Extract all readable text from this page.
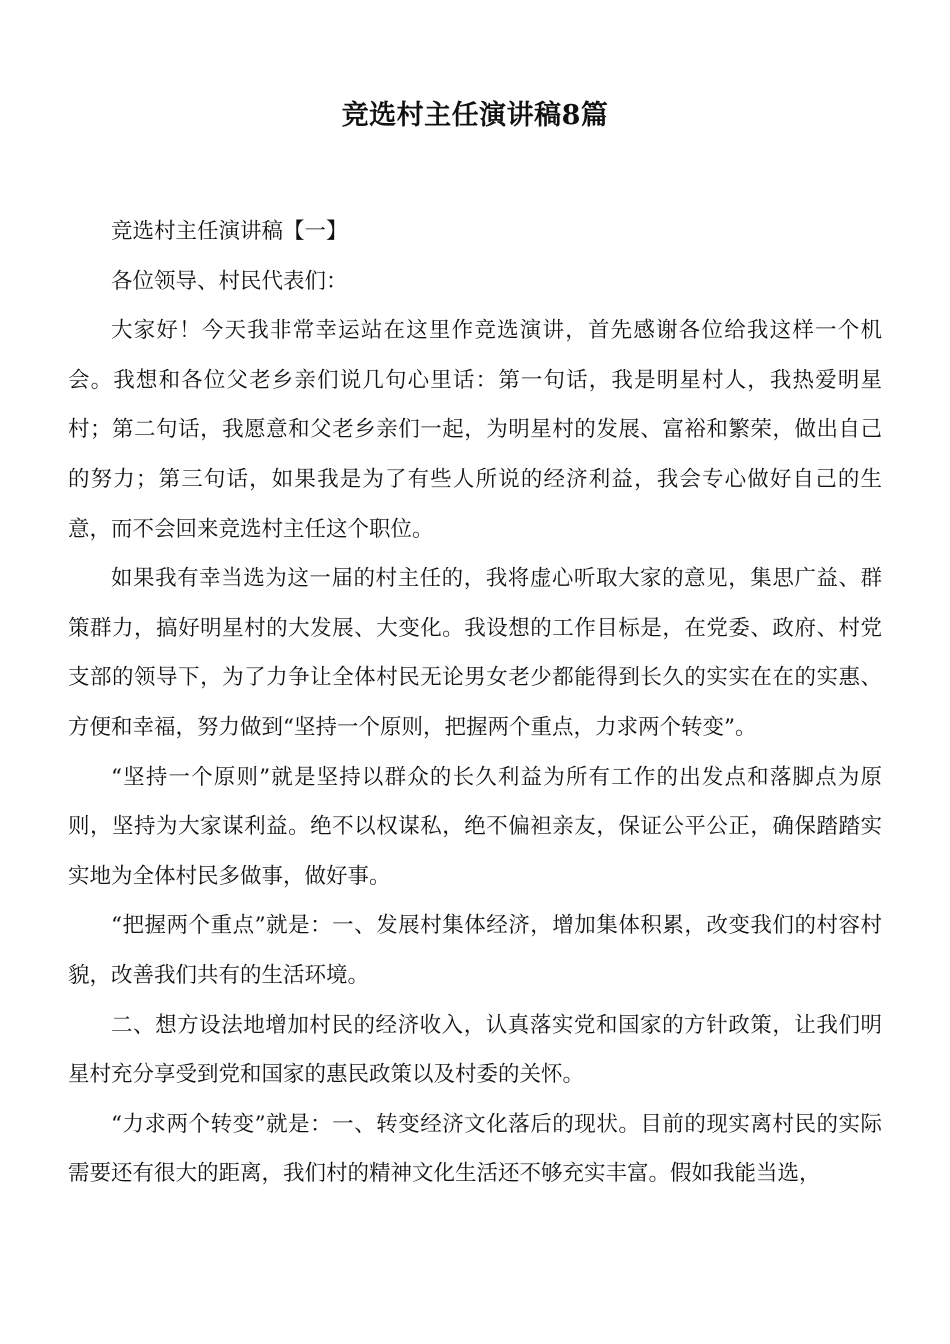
竞选村主任演讲稿8篇

竞选村主任演讲稿【一】

各位领导、村民代表们：

大家好！今天我非常幸运站在这里作竞选演讲，首先感谢各位给我这样一个机会。我想和各位父老乡亲们说几句心里话：第一句话，我是明星村人，我热爱明星村；第二句话，我愿意和父老乡亲们一起，为明星村的发展、富裕和繁荣，做出自己的努力；第三句话，如果我是为了有些人所说的经济利益，我会专心做好自己的生意，而不会回来竞选村主任这个职位。

如果我有幸当选为这一届的村主任的，我将虚心听取大家的意见，集思广益、群策群力，搞好明星村的大发展、大变化。我设想的工作目标是，在党委、政府、村党支部的领导下，为了力争让全体村民无论男女老少都能得到长久的实实在在的实惠、方便和幸福，努力做到“坚持一个原则，把握两个重点，力求两个转变”。

“坚持一个原则”就是坚持以群众的长久利益为所有工作的出发点和落脚点为原则，坚持为大家谋利益。绝不以权谋私，绝不偏袒亲友，保证公平公正，确保踏踏实实地为全体村民多做事，做好事。

“把握两个重点”就是：一、发展村集体经济，增加集体积累，改变我们的村容村貌，改善我们共有的生活环境。

二、想方设法地增加村民的经济收入，认真落实党和国家的方针政策，让我们明星村充分享受到党和国家的惠民政策以及村委的关怀。

“力求两个转变”就是：一、转变经济文化落后的现状。目前的现实离村民的实际需要还有很大的距离，我们村的精神文化生活还不够充实丰富。假如我能当选，
